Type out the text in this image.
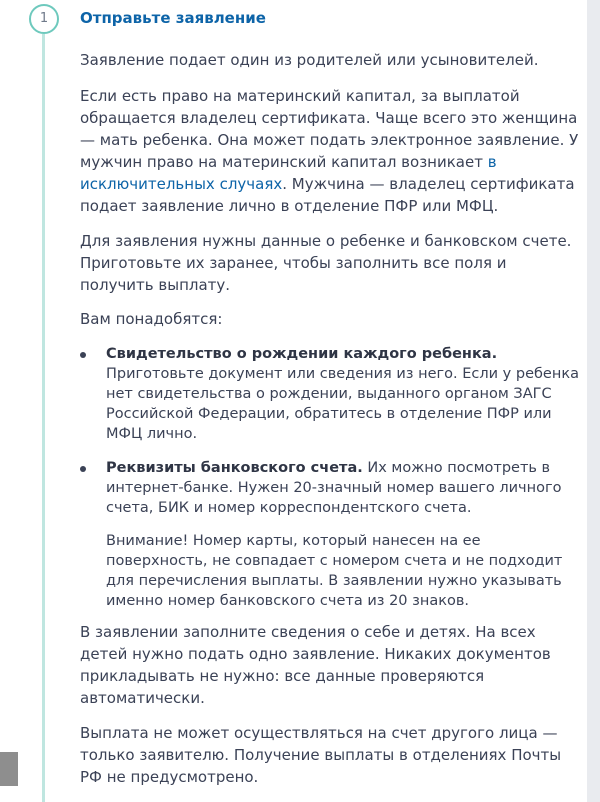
1	Отправьте заявление

Заявление подает один из родителей или усыновителей.

Если есть право на материнский капитал, за выплатой обращается владелец сертификата. Чаще всего это женщина — мать ребенка. Она может подать электронное заявление. У мужчин право на материнский капитал возникает в исключительных случаях. Мужчина — владелец сертификата подает заявление лично в отделение ПФР или МФЦ.

Для заявления нужны данные о ребенке и банковском счете. Приготовьте их заранее, чтобы заполнить все поля и получить выплату.

Вам понадобятся:

Свидетельство о рождении каждого ребенка. Приготовьте документ или сведения из него. Если у ребенка нет свидетельства о рождении, выданного органом ЗАГС Российской Федерации, обратитесь в отделение ПФР или МФЦ лично.
Реквизиты банковского счета. Их можно посмотреть в интернет-банке. Нужен 20-значный номер вашего личного счета, БИК и номер корреспондентского счета.
Внимание! Номер карты, который нанесен на ее поверхность, не совпадает с номером счета и не подходит для перечисления выплаты. В заявлении нужно указывать именно номер банковского счета из 20 знаков.

В заявлении заполните сведения о себе и детях. На всех детей нужно подать одно заявление. Никаких документов прикладывать не нужно: все данные проверяются автоматически.

Выплата не может осуществляться на счет другого лица — только заявителю. Получение выплаты в отделениях Почты РФ не предусмотрено.
